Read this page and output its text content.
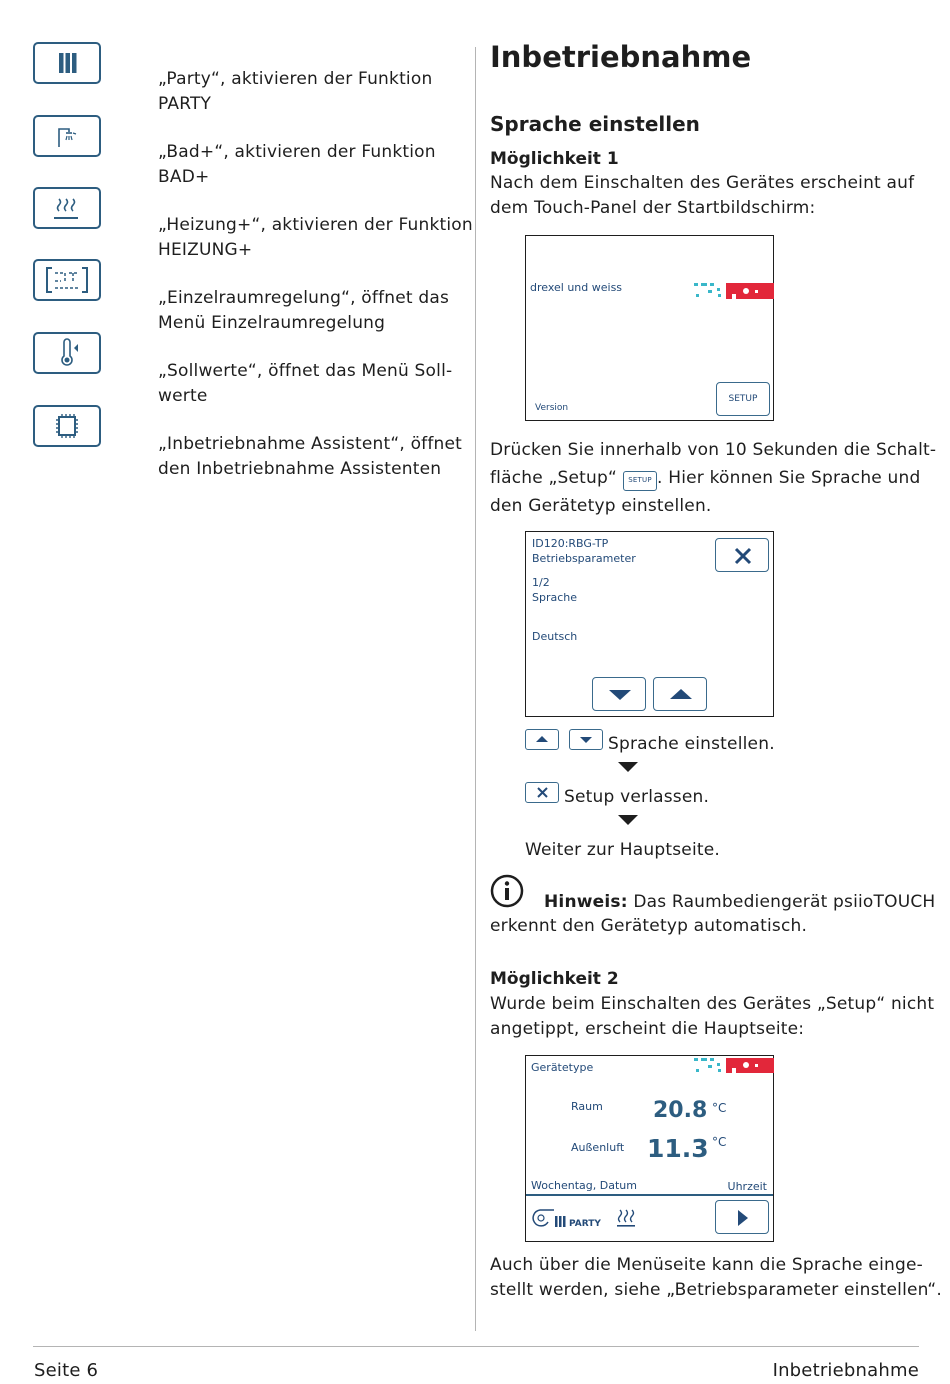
„Party“, aktivieren der Funktion
PARTY
„Bad+“, aktivieren der Funktion
BAD+
„Heizung+“, aktivieren der Funktion
HEIZUNG+
„Einzelraumregelung“, öffnet das
Menü Einzelraumregelung
„Sollwerte“, öffnet das Menü Soll-
werte
„Inbetriebnahme Assistent“, öffnet
den Inbetriebnahme Assistenten
Inbetriebnahme
Sprache einstellen
Möglichkeit 1
Nach dem Einschalten des Gerätes erscheint auf
dem Touch-Panel der Startbildschirm:
drexel und weiss
Version
SETUP
Drücken Sie innerhalb von 10 Sekunden die Schalt-
fläche „Setup“ SETUP . Hier können Sie Sprache und
den Gerätetyp einstellen.
ID120:RBG-TP
Betriebsparameter
1/2
Sprache
Deutsch
Sprache einstellen.
Setup verlassen.
Weiter zur Hauptseite.
Hinweis: Das Raumbediengerät psiioTOUCH
erkennt den Gerätetyp automatisch.
Möglichkeit 2
Wurde beim Einschalten des Gerätes „Setup“ nicht
angetippt, erscheint die Hauptseite:
Gerätetype
Raum 20.8 °C
Außenluft 11.3 °C
Wochentag, Datum	Uhrzeit
PARTY
Auch über die Menüseite kann die Sprache einge-
stellt werden, siehe „Betriebsparameter einstellen“.
Seite 6	Inbetriebnahme
